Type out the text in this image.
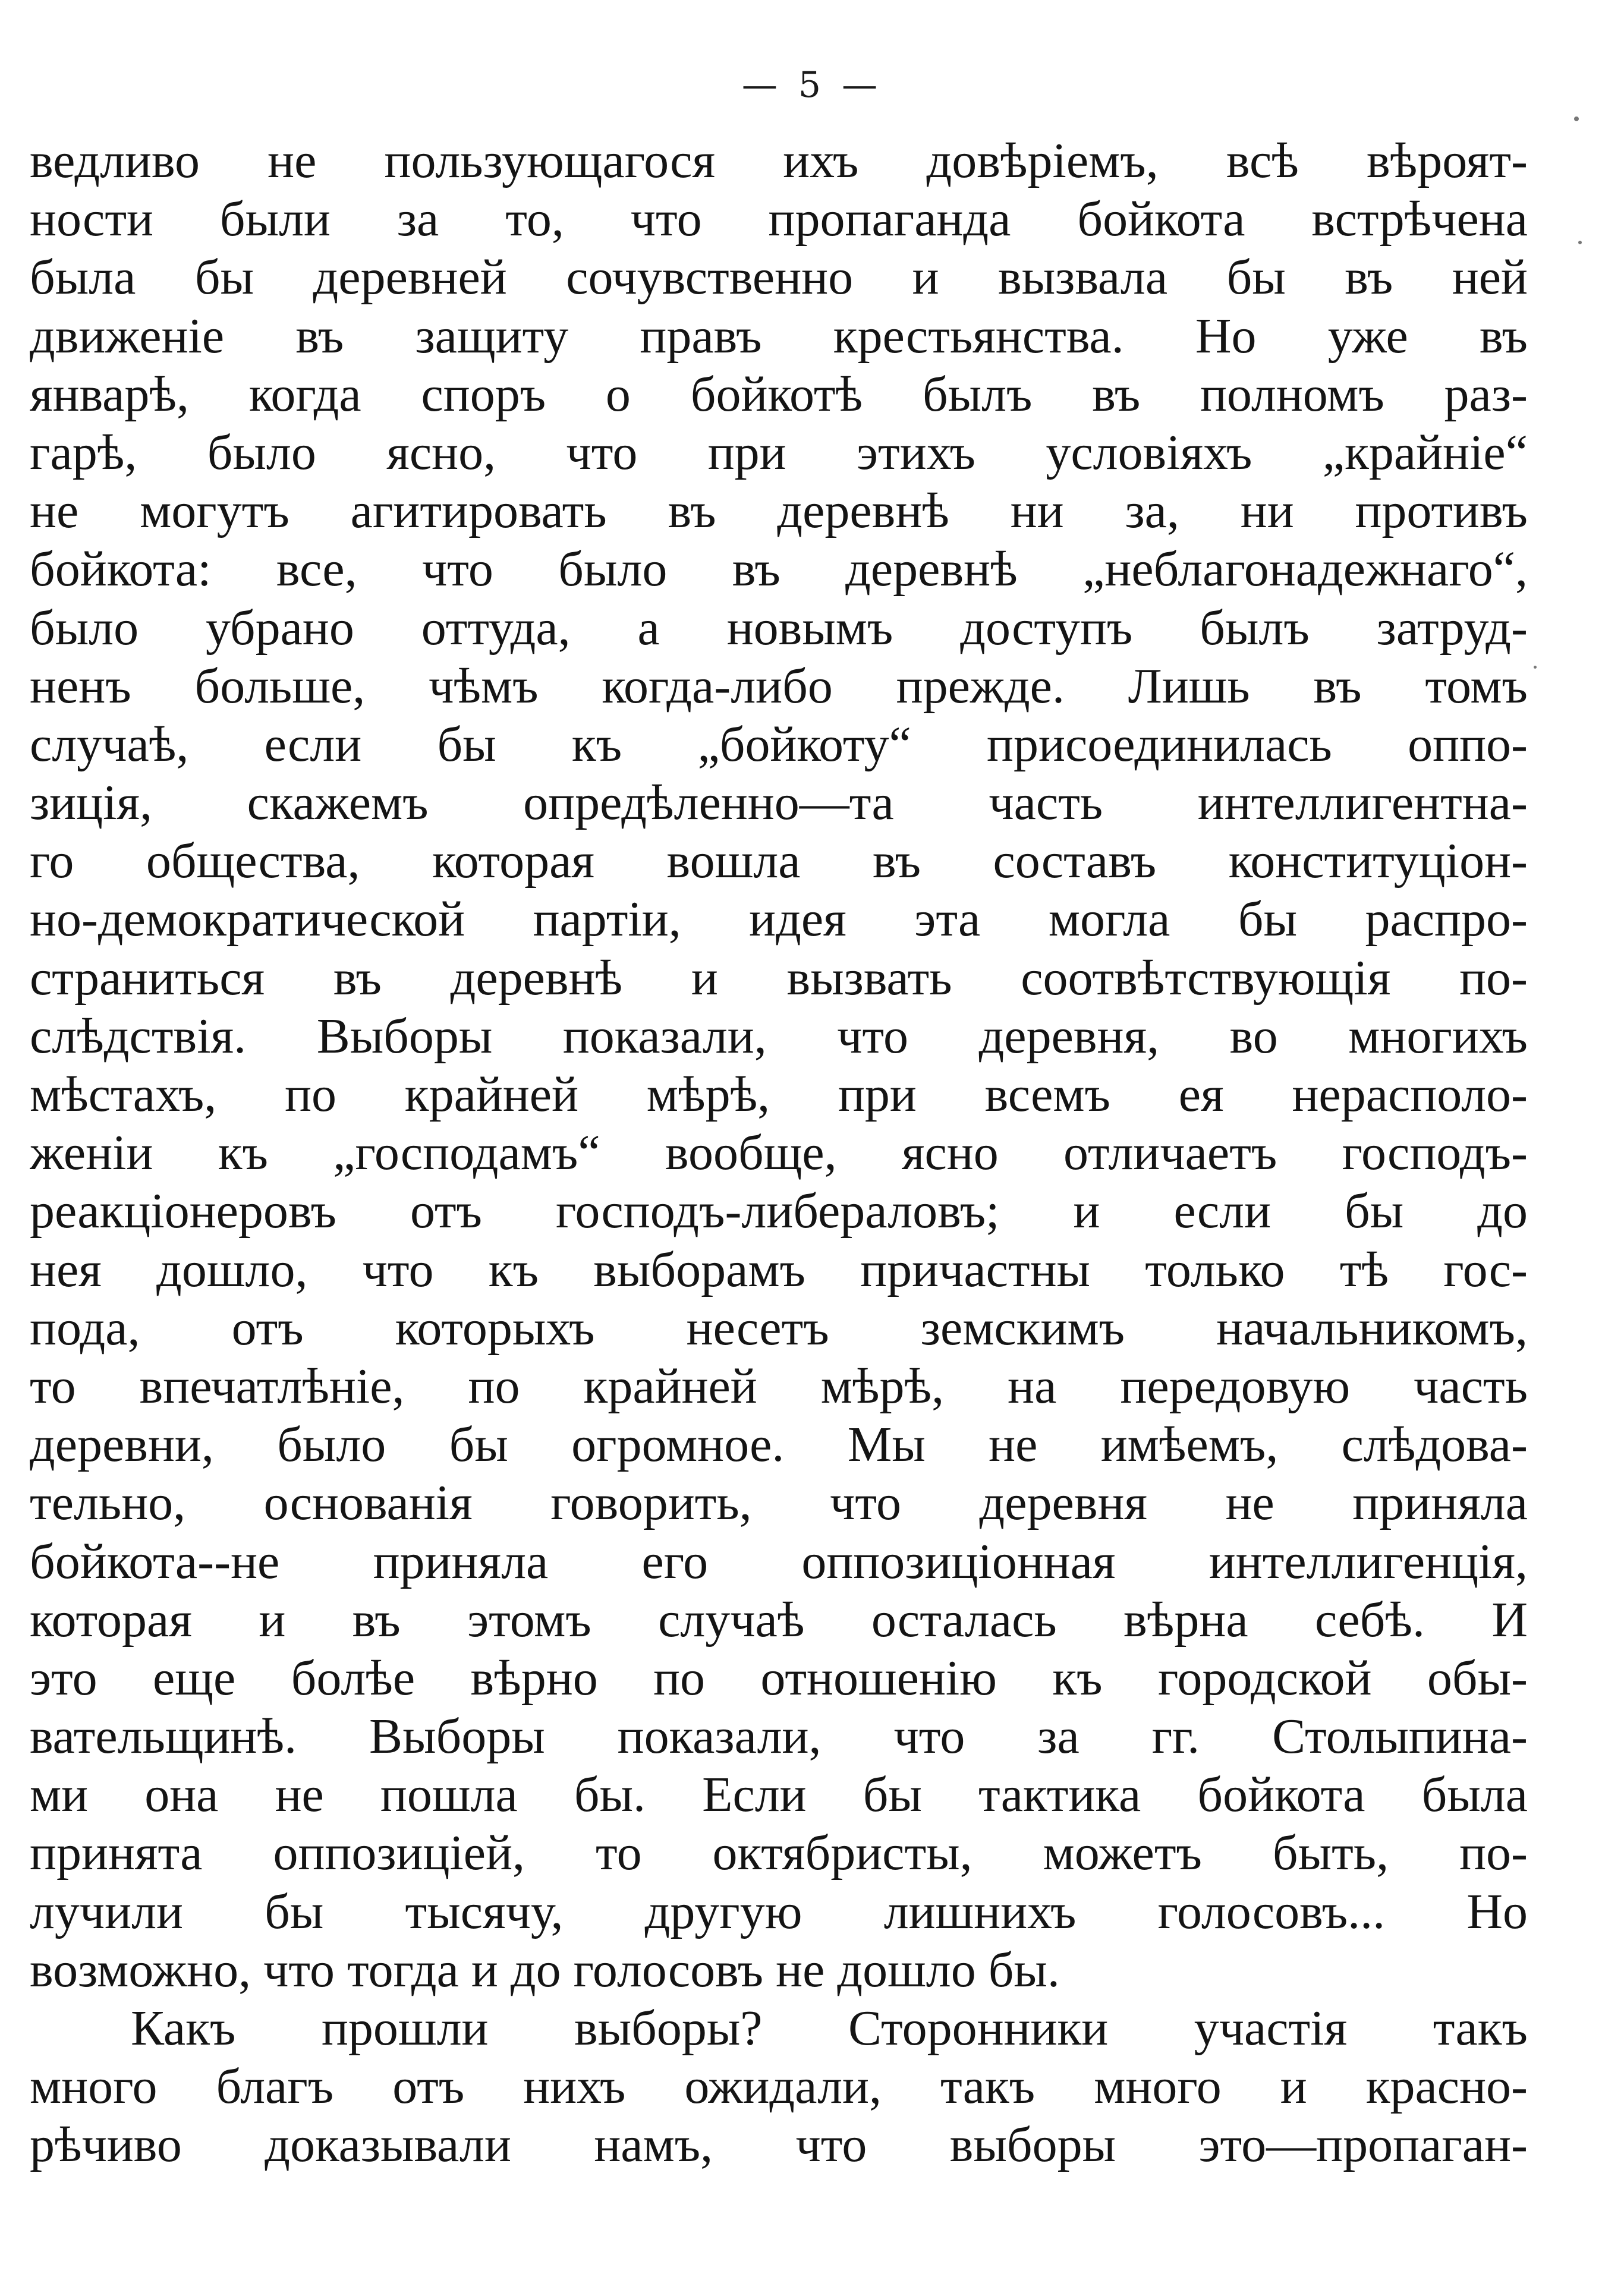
— 5 —
ведливо не пользующагося ихъ довѣріемъ, всѣ вѣроят-
ности были за то, что пропаганда бойкота встрѣчена
была бы деревней сочувственно и вызвала бы въ ней
движеніе въ защиту правъ крестьянства. Но уже въ
январѣ, когда споръ о бойкотѣ былъ въ полномъ раз-
гарѣ, было ясно, что при этихъ условіяхъ „крайніе“
не могутъ агитировать въ деревнѣ ни за, ни противъ
бойкота: все, что было въ деревнѣ „неблагонадежнаго“,
было убрано оттуда, а новымъ доступъ былъ затруд-
ненъ больше, чѣмъ когда-либо прежде. Лишь въ томъ
случаѣ, если бы къ „бойкоту“ присоединилась оппо-
зиція, скажемъ опредѣленно—та часть интеллигентна-
го общества, которая вошла въ составъ конституціон-
но-демократической партіи, идея эта могла бы распро-
страниться въ деревнѣ и вызвать соотвѣтствующія по-
слѣдствія. Выборы показали, что деревня, во многихъ
мѣстахъ, по крайней мѣрѣ, при всемъ ея нерасполо-
женіи къ „господамъ“ вообще, ясно отличаетъ господъ-
реакціонеровъ отъ господъ-либераловъ; и если бы до
нея дошло, что къ выборамъ причастны только тѣ гос-
пода, отъ которыхъ несетъ земскимъ начальникомъ,
то впечатлѣніе, по крайней мѣрѣ, на передовую часть
деревни, было бы огромное. Мы не имѣемъ, слѣдова-
тельно, основанія говорить, что деревня не приняла
бойкота--не приняла его оппозиціонная интеллигенція,
которая и въ этомъ случаѣ осталась вѣрна себѣ. И
это еще болѣе вѣрно по отношенію къ городской обы-
вательщинѣ. Выборы показали, что за гг. Столыпина-
ми она не пошла бы. Если бы тактика бойкота была
принята оппозиціей, то октябристы, можетъ быть, по-
лучили бы тысячу, другую лишнихъ голосовъ... Но
возможно, что тогда и до голосовъ не дошло бы.
Какъ прошли выборы? Сторонники участія такъ
много благъ отъ нихъ ожидали, такъ много и красно-
рѣчиво доказывали намъ, что выборы это—пропаган-
